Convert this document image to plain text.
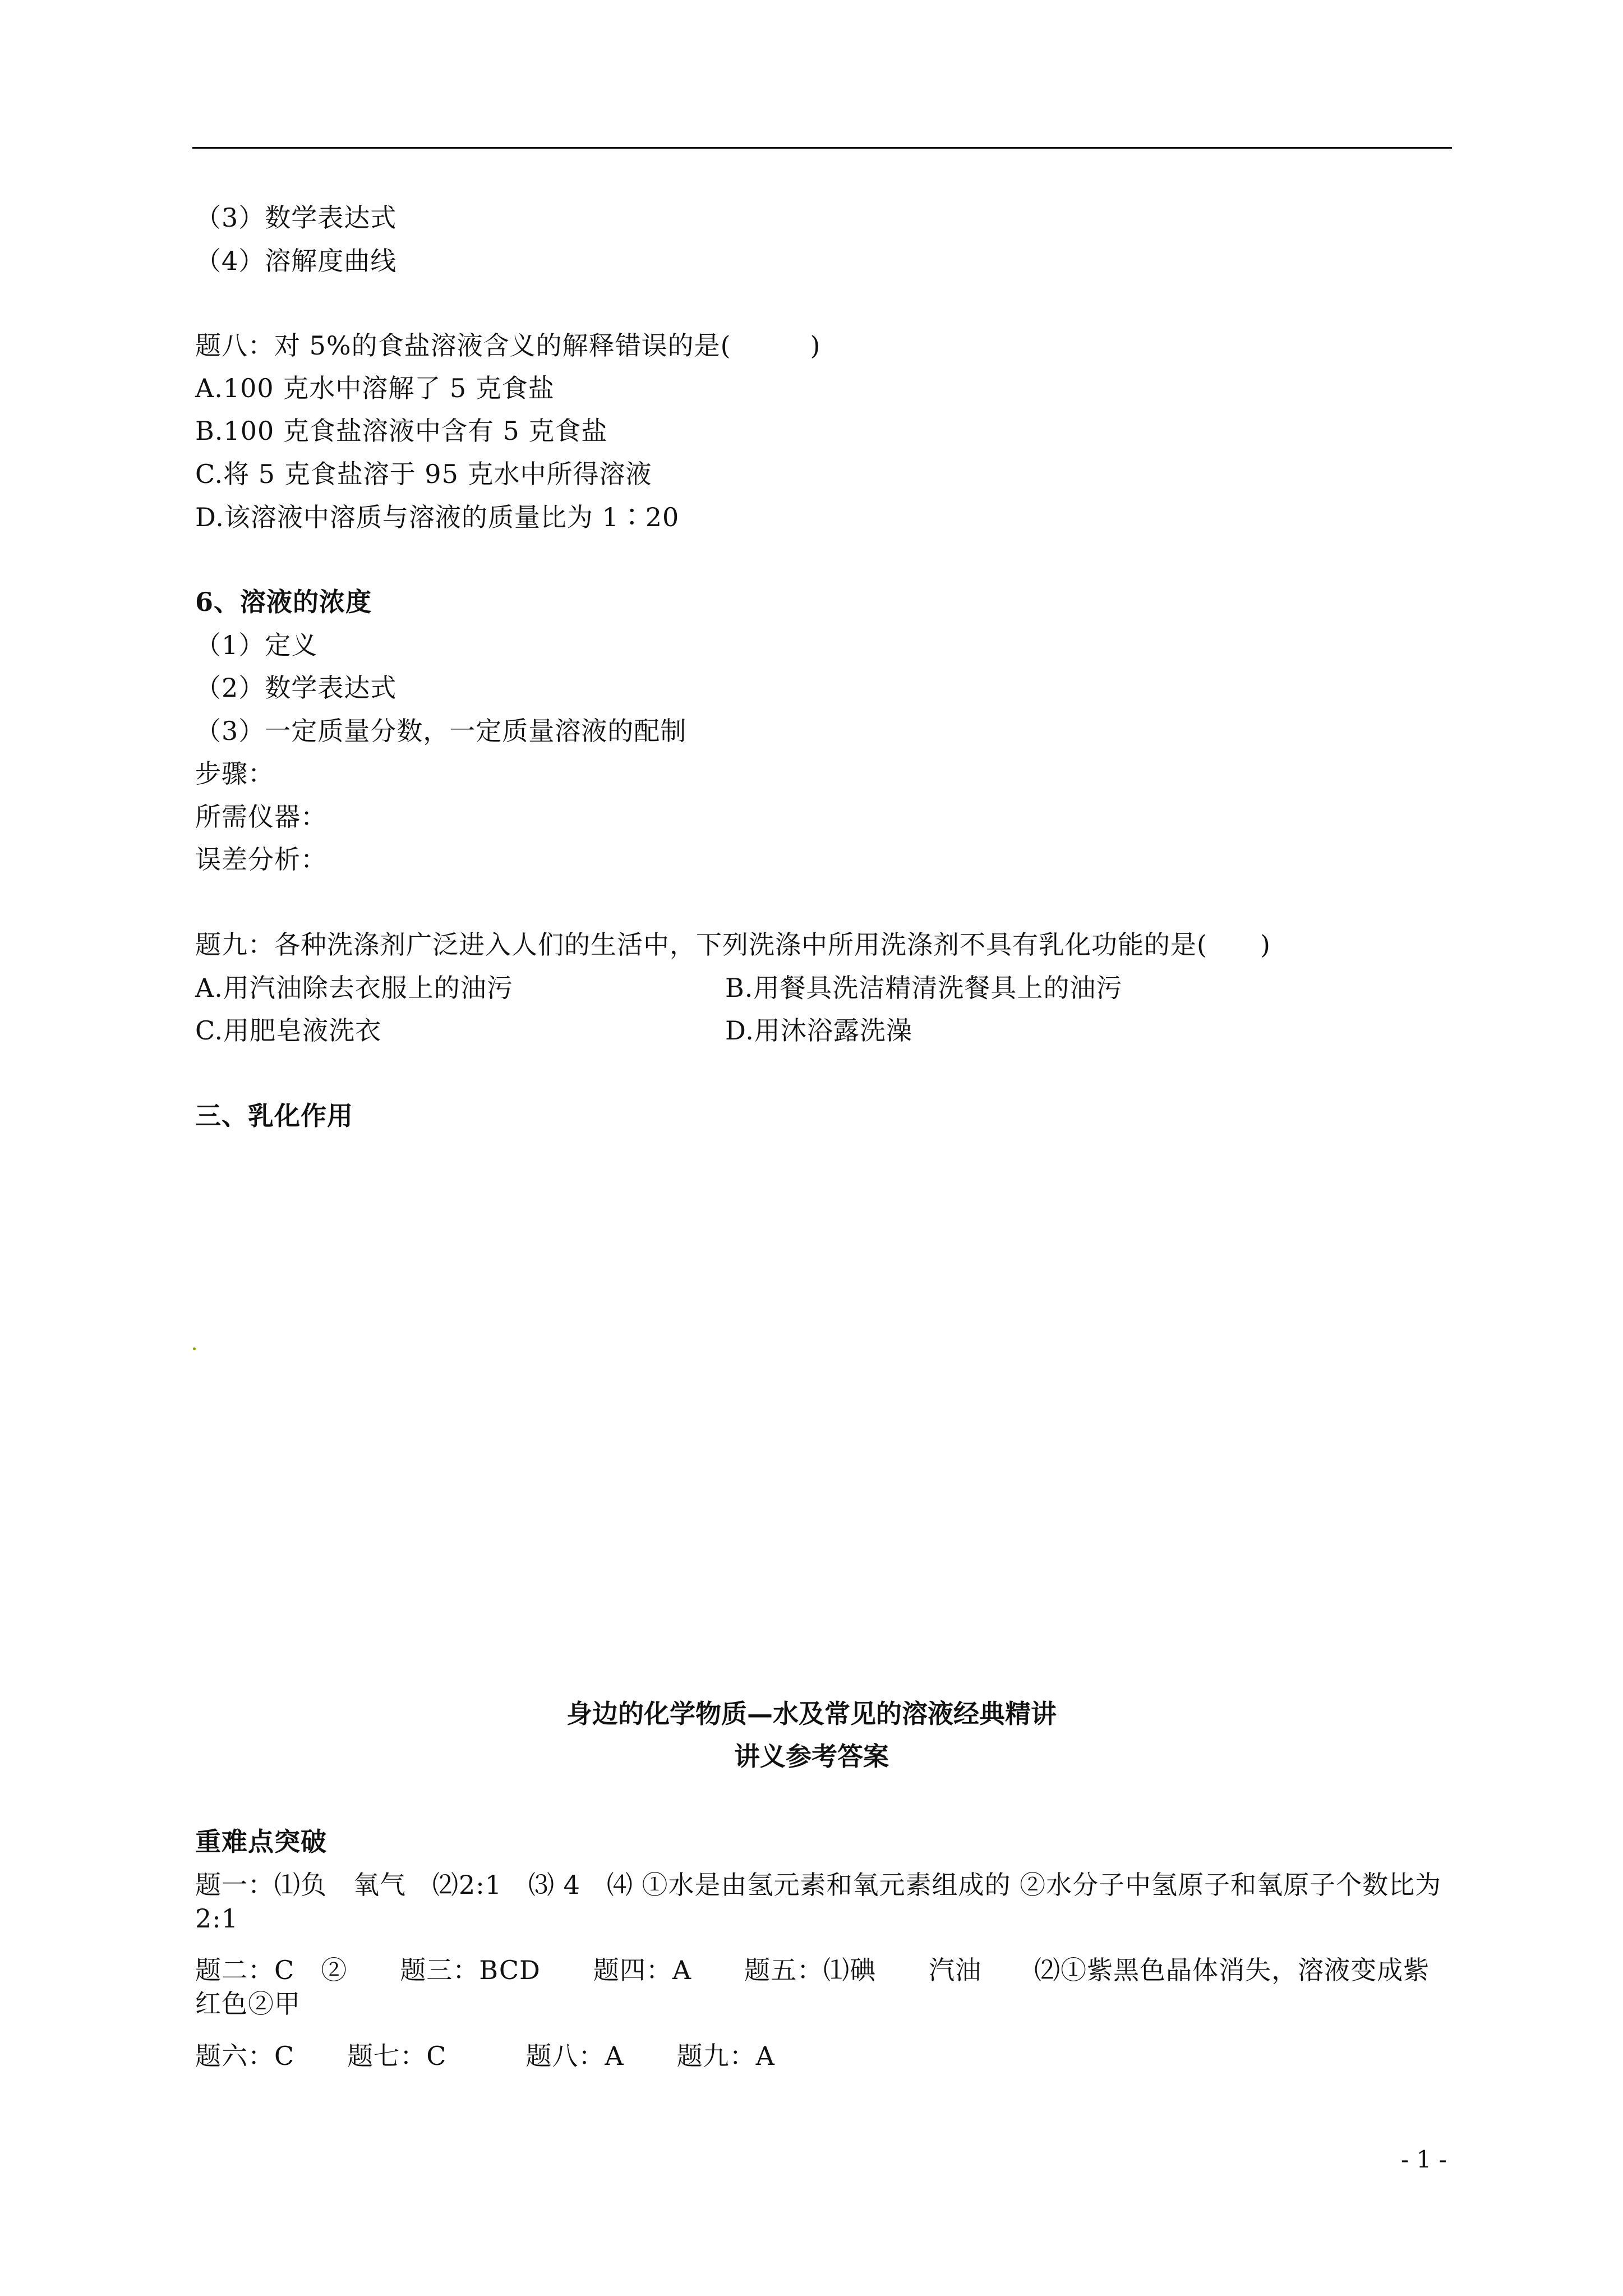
（3）数学表达式
（4）溶解度曲线
题八：对 5%的食盐溶液含义的解释错误的是(　　　)
A.100 克水中溶解了 5 克食盐
B.100 克食盐溶液中含有 5 克食盐
C.将 5 克食盐溶于 95 克水中所得溶液
D.该溶液中溶质与溶液的质量比为 1∶20
6、溶液的浓度
（1）定义
（2）数学表达式
（3）一定质量分数，一定质量溶液的配制
步骤：
所需仪器：
误差分析：
题九：各种洗涤剂广泛进入人们的生活中，下列洗涤中所用洗涤剂不具有乳化功能的是(　　)
A.用汽油除去衣服上的油污	B.用餐具洗洁精清洗餐具上的油污
C.用肥皂液洗衣	D.用沐浴露洗澡
三、乳化作用
身边的化学物质—水及常见的溶液经典精讲
讲义参考答案
重难点突破
题一：⑴负　氧气　⑵2:1　⑶ 4　⑷ ①水是由氢元素和氧元素组成的 ②水分子中氢原子和氧原子个数比为 2:1
题二：C　②　　题三：BCD　　题四：A　　题五：⑴碘　　汽油　　⑵①紫黑色晶体消失，溶液变成紫红色②甲
题六：C　　题七：C　　　题八：A　　题九：A
- 1 -
